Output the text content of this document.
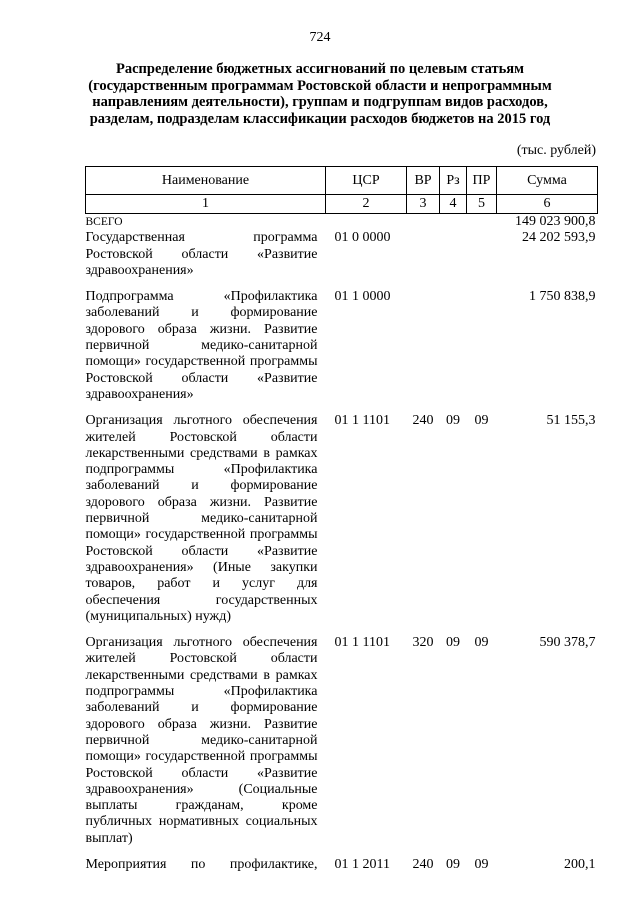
724
Распределение бюджетных ассигнований по целевым статьям
(государственным программам Ростовской области и непрограммным
направлениям деятельности), группам и подгруппам видов расходов,
разделам, подразделам классификации расходов бюджетов на 2015 год
(тыс. рублей)
Наименование	ЦСР	ВР	Рз	ПР	Сумма
1	2	3	4	5	6
ВСЕГО					149 023 900,8
Государственная программа Ростовской области «Развитие здравоохранения»	01 0 0000				24 202 593,9

Подпрограмма «Профилактика заболеваний и формирование здорового образа жизни. Развитие первичной медико-санитарной помощи» государственной программы Ростовской области «Развитие здравоохранения»	01 1 0000				1 750 838,9

Организация льготного обеспечения жителей Ростовской области лекарственными средствами в рамках подпрограммы «Профилактика заболеваний и формирование здорового образа жизни. Развитие первичной медико-санитарной помощи» государственной программы Ростовской области «Развитие здравоохранения» (Иные закупки товаров, работ и услуг для обеспечения государственных (муниципальных) нужд)	01 1 1101	240	09	09	51 155,3

Организация льготного обеспечения жителей Ростовской области лекарственными средствами в рамках подпрограммы «Профилактика заболеваний и формирование здорового образа жизни. Развитие первичной медико-санитарной помощи» государственной программы Ростовской области «Развитие здравоохранения» (Социальные выплаты гражданам, кроме публичных нормативных социальных выплат)	01 1 1101	320	09	09	590 378,7

Мероприятия по профилактике,	01 1 2011	240	09	09	200,1
